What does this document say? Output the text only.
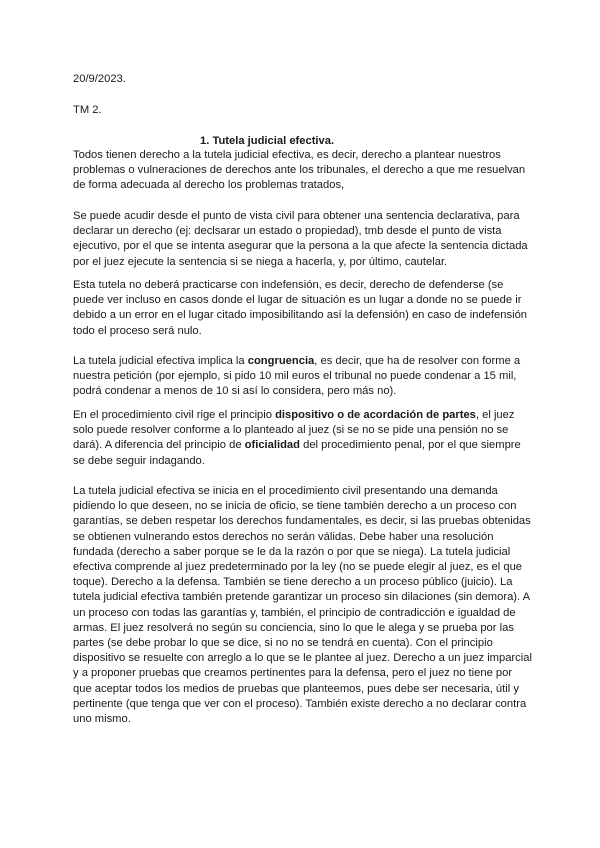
20/9/2023.
TM 2.
1. Tutela judicial efectiva.

Todos tienen derecho a la tutela judicial efectiva, es decir, derecho a plantear nuestros problemas o vulneraciones de derechos ante los tribunales, el derecho a que me resuelvan de forma adecuada al derecho los problemas tratados,

Se puede acudir desde el punto de vista civil para obtener una sentencia declarativa, para declarar un derecho (ej: declsarar un estado o propiedad), tmb desde el punto de vista ejecutivo, por el que se intenta asegurar que la persona a la que afecte la sentencia dictada por el juez ejecute la sentencia si se niega a hacerla, y, por último, cautelar.

Esta tutela no deberá practicarse con indefensión, es decir, derecho de defenderse (se puede ver incluso en casos donde el lugar de situación es un lugar a donde no se puede ir debido a un error en el lugar citado imposibilitando así la defensión) en caso de indefensión todo el proceso será nulo.

La tutela judicial efectiva implica la congruencia, es decir, que ha de resolver con forme a nuestra petición (por ejemplo, si pido 10 mil euros el tribunal no puede condenar a 15 mil, podrá condenar a menos de 10 si así lo considera, pero más no).

En el procedimiento civil rige el principio dispositivo o de acordación de partes, el juez solo puede resolver conforme a lo planteado al juez (si se no se pide una pensión no se dará). A diferencia del principio de oficialidad del procedimiento penal, por el que siempre se debe seguir indagando.

La tutela judicial efectiva se inicia en el procedimiento civil presentando una demanda pidiendo lo que deseen, no se inicia de oficio, se tiene también derecho a un proceso con garantías, se deben respetar los derechos fundamentales, es decir, si las pruebas obtenidas se obtienen vulnerando estos derechos no serán válidas. Debe haber una resolución fundada (derecho a saber porque se le da la razón o por que se niega). La tutela judicial efectiva comprende al juez predeterminado por la ley (no se puede elegir al juez, es el que toque). Derecho a la defensa. También se tiene derecho a un proceso público (juicio). La tutela judicial efectiva también pretende garantizar un proceso sin dilaciones (sin demora). A un proceso con todas las garantías y, también, el principio de contradicción e igualdad de armas. El juez resolverá no según su conciencia, sino lo que le alega y se prueba por las partes (se debe probar lo que se dice, si no no se tendrá en cuenta). Con el principio dispositivo se resuelte con arreglo a lo que se le plantee al juez. Derecho a un juez imparcial y a proponer pruebas que creamos pertinentes para la defensa, pero el juez no tiene por que aceptar todos los medios de pruebas que planteemos, pues debe ser necesaria, útil y pertinente (que tenga que ver con el proceso). También existe derecho a no declarar contra uno mismo.
